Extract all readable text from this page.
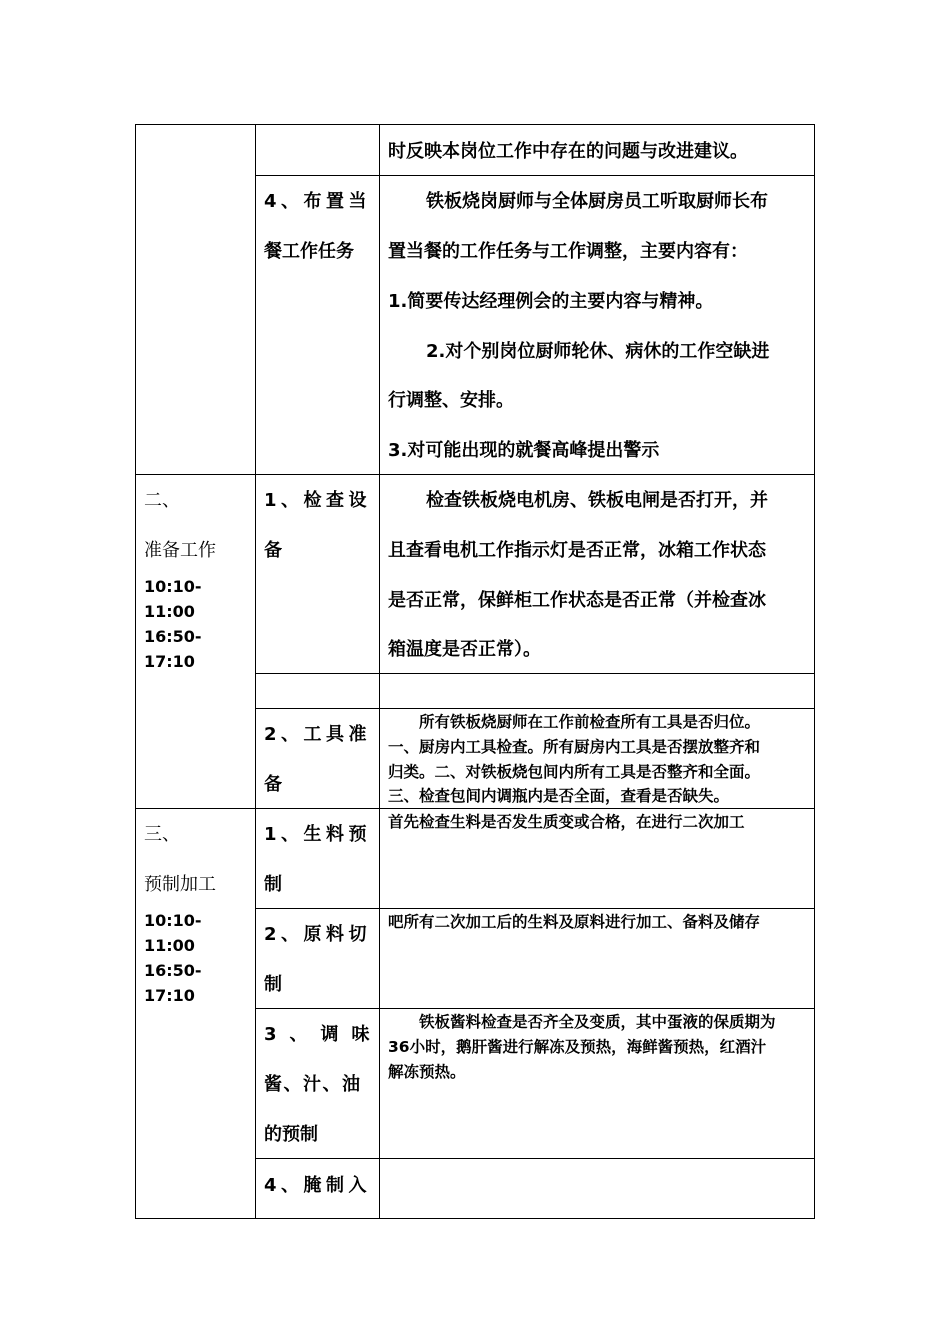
时反映本岗位工作中存在的问题与改进建议。
4、布置当
餐工作任务
铁板烧岗厨师与全体厨房员工听取厨师长布
置当餐的工作任务与工作调整，主要内容有：
1.简要传达经理例会的主要内容与精神。
2.对个别岗位厨师轮休、病休的工作空缺进
行调整、安排。
3.对可能出现的就餐高峰提出警示
二、
准备工作
10:10-
11:00
16:50-
17:10
1、检查设
备
检查铁板烧电机房、铁板电闸是否打开，并
且查看电机工作指示灯是否正常，冰箱工作状态
是否正常，保鲜柜工作状态是否正常（并检查冰
箱温度是否正常）。
2、工具准
备
所有铁板烧厨师在工作前检查所有工具是否归位。
一、厨房内工具检查。所有厨房内工具是否摆放整齐和
归类。二、对铁板烧包间内所有工具是否整齐和全面。
三、检查包间内调瓶内是否全面，查看是否缺失。
三、
预制加工
10:10-
11:00
16:50-
17:10
1、生料预
制
首先检查生料是否发生质变或合格，在进行二次加工
2、原料切
制
吧所有二次加工后的生料及原料进行加工、备料及储存
3、调味
酱、汁、油
的预制
铁板酱料检查是否齐全及变质，其中蛋液的保质期为
36小时，鹅肝酱进行解冻及预热，海鲜酱预热，红酒汁
解冻预热。
4、腌制入
